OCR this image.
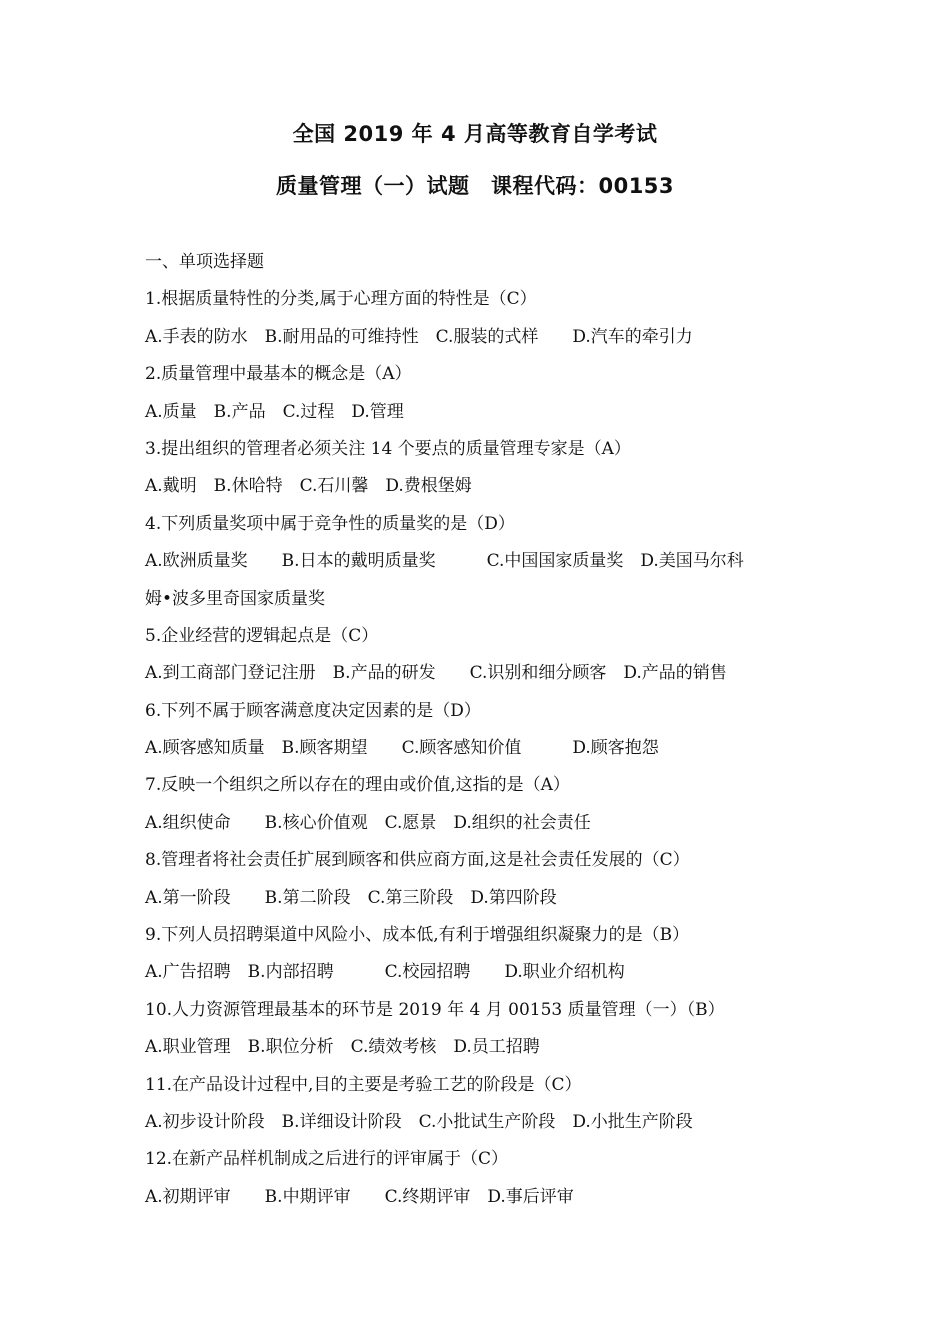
全国 2019 年 4 月高等教育自学考试
质量管理（一）试题　课程代码：00153
一、单项选择题
1.根据质量特性的分类,属于心理方面的特性是（C）
A.手表的防水　B.耐用品的可维持性　C.服装的式样　　D.汽车的牵引力
2.质量管理中最基本的概念是（A）
A.质量　B.产品　C.过程　D.管理
3.提出组织的管理者必须关注 14 个要点的质量管理专家是（A）
A.戴明　B.休哈特　C.石川馨　D.费根堡姆
4.下列质量奖项中属于竞争性的质量奖的是（D）
A.欧洲质量奖　　B.日本的戴明质量奖　　　C.中国国家质量奖　D.美国马尔科
姆•波多里奇国家质量奖
5.企业经营的逻辑起点是（C）
A.到工商部门登记注册　B.产品的研发　　C.识别和细分顾客　D.产品的销售
6.下列不属于顾客满意度决定因素的是（D）
A.顾客感知质量　B.顾客期望　　C.顾客感知价值　　　D.顾客抱怨
7.反映一个组织之所以存在的理由或价值,这指的是（A）
A.组织使命　　B.核心价值观　C.愿景　D.组织的社会责任
8.管理者将社会责任扩展到顾客和供应商方面,这是社会责任发展的（C）
A.第一阶段　　B.第二阶段　C.第三阶段　D.第四阶段
9.下列人员招聘渠道中风险小、成本低,有利于增强组织凝聚力的是（B）
A.广告招聘　B.内部招聘　　　C.校园招聘　　D.职业介绍机构
10.人力资源管理最基本的环节是 2019 年 4 月 00153 质量管理（一）（B）
A.职业管理　B.职位分析　C.绩效考核　D.员工招聘
11.在产品设计过程中,目的主要是考验工艺的阶段是（C）
A.初步设计阶段　B.详细设计阶段　C.小批试生产阶段　D.小批生产阶段
12.在新产品样机制成之后进行的评审属于（C）
A.初期评审　　B.中期评审　　C.终期评审　D.事后评审
